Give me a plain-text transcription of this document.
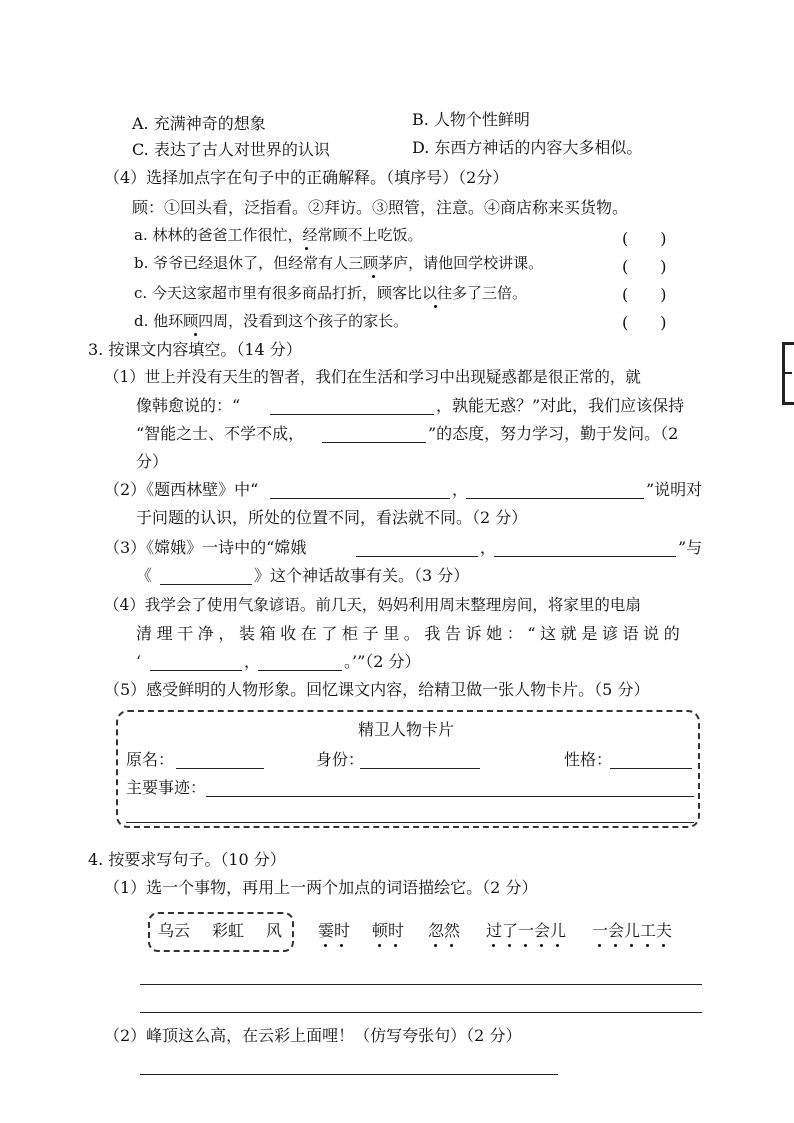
A. 充满神奇的想象	B. 人物个性鲜明
C. 表达了古人对世界的认识	D. 东西方神话的内容大多相似。
（4）选择加点字在句子中的正确解释。（填序号）（2分）
顾：①回头看，泛指看。②拜访。③照管，注意。④商店称来买货物。
a. 林林的爸爸工作很忙，经常顾不上吃饭。	(　　)
b. 爷爷已经退休了，但经常有人三顾茅庐，请他回学校讲课。	(　　)
c. 今天这家超市里有很多商品打折，顾客比以往多了三倍。	(　　)
d. 他环顾四周，没看到这个孩子的家长。	(　　)
3. 按课文内容填空。（14 分）
（1）世上并没有天生的智者，我们在生活和学习中出现疑惑都是很正常的，就
像韩愈说的：“	，孰能无惑？”对此，我们应该保持
“智能之士、不学不成，	”的态度，努力学习，勤于发问。（2
分）
（2）《题西林壁》中“	，	”说明对
于问题的认识，所处的位置不同，看法就不同。（2 分）
（3）《嫦娥》一诗中的“嫦娥	，	”与
《	》这个神话故事有关。（3 分）
（4）我学会了使用气象谚语。前几天，妈妈利用周末整理房间，将家里的电扇
清理干净，装箱收在了柜子里。我告诉她：“这就是谚语说的
‘	，	。’”（2 分）
（5）感受鲜明的人物形象。回忆课文内容，给精卫做一张人物卡片。（5 分）
精卫人物卡片
原名：	身份：	性格：
主要事迹：
4. 按要求写句子。（10 分）
（1）选一个事物，再用上一两个加点的词语描绘它。（2 分）
乌云 彩虹 风 霎时 顿时 忽然 过了一会儿 一会儿工夫
（2）峰顶这么高，在云彩上面哩！（仿写夸张句）（2 分）
